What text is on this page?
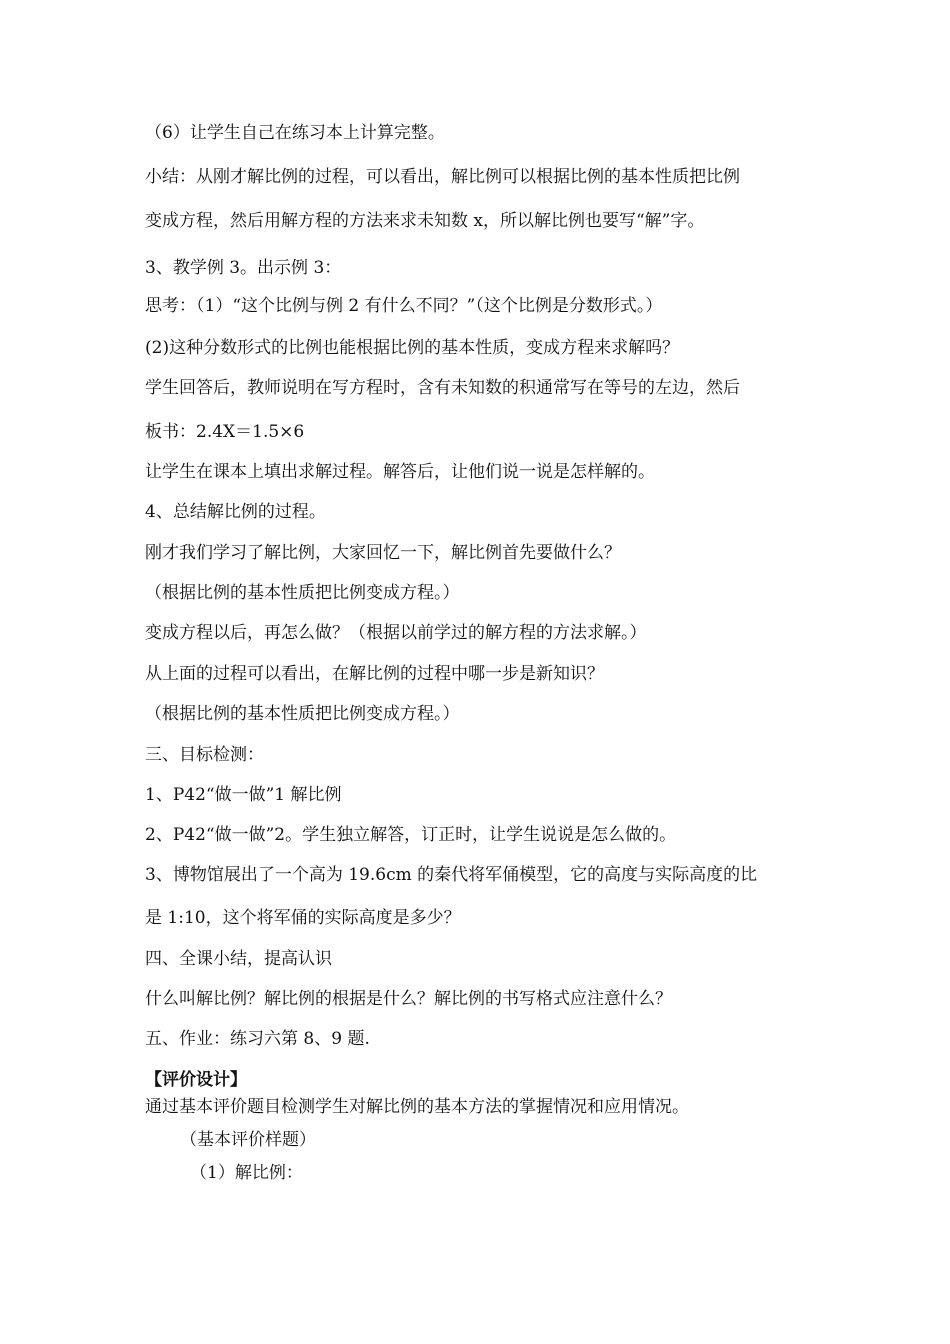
（6）让学生自己在练习本上计算完整。
小结：从刚才解比例的过程，可以看出，解比例可以根据比例的基本性质把比例
变成方程，然后用解方程的方法来求未知数 x，所以解比例也要写“解”字。
3、教学例 3。出示例 3：
思考：（1）“这个比例与例 2 有什么不同？”（这个比例是分数形式。）
(2)这种分数形式的比例也能根据比例的基本性质，变成方程来求解吗？
学生回答后，教师说明在写方程时，含有未知数的积通常写在等号的左边，然后
板书：2.4X＝1.5×6
让学生在课本上填出求解过程。解答后，让他们说一说是怎样解的。
4、总结解比例的过程。
刚才我们学习了解比例，大家回忆一下，解比例首先要做什么？
（根据比例的基本性质把比例变成方程。）
变成方程以后，再怎么做？（根据以前学过的解方程的方法求解。）
从上面的过程可以看出，在解比例的过程中哪一步是新知识？
（根据比例的基本性质把比例变成方程。）
三、目标检测：
1、P42“做一做”1 解比例
2、P42“做一做”2。学生独立解答，订正时，让学生说说是怎么做的。
3、博物馆展出了一个高为 19.6cm 的秦代将军俑模型，它的高度与实际高度的比
是 1:10，这个将军俑的实际高度是多少？
四、全课小结，提高认识
什么叫解比例？解比例的根据是什么？解比例的书写格式应注意什么？
五、作业：练习六第 8、9 题.
【评价设计】
通过基本评价题目检测学生对解比例的基本方法的掌握情况和应用情况。
（基本评价样题）
（1）解比例：
